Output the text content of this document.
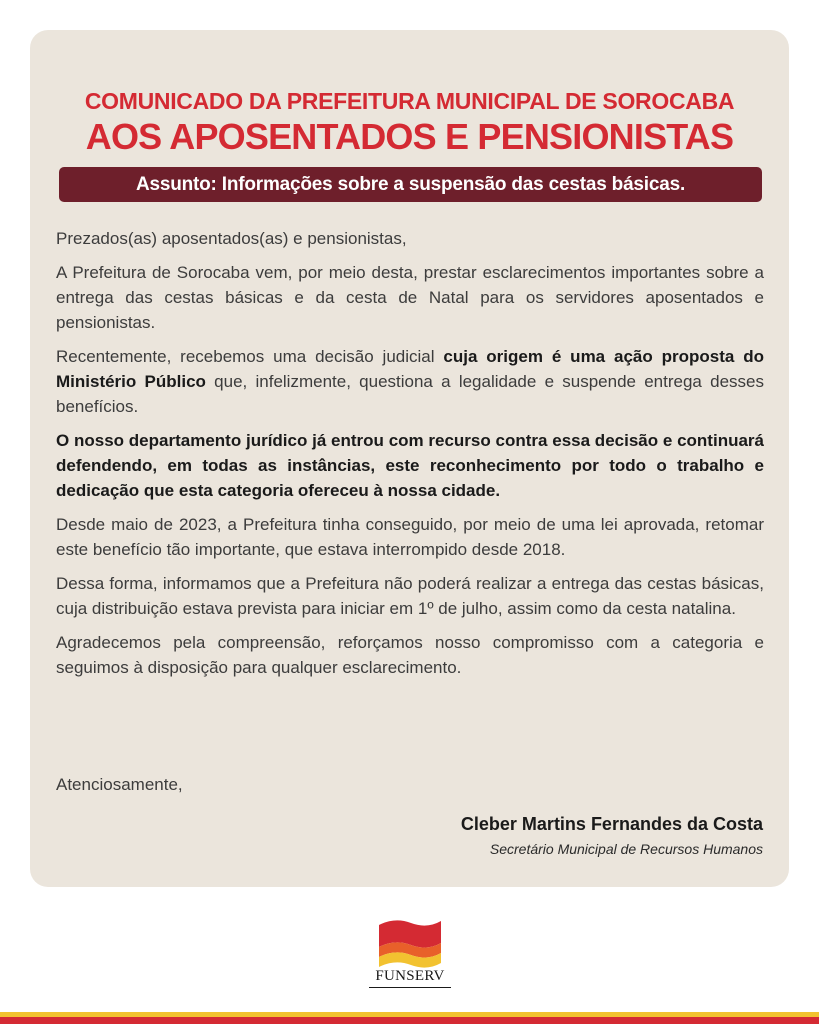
COMUNICADO DA PREFEITURA MUNICIPAL DE SOROCABA
AOS APOSENTADOS E PENSIONISTAS
Assunto: Informações sobre a suspensão das cestas básicas.

Prezados(as) aposentados(as) e pensionistas,

A Prefeitura de Sorocaba vem, por meio desta, prestar esclarecimentos importantes sobre a entrega das cestas básicas e da cesta de Natal para os servidores aposentados e pensionistas.

Recentemente, recebemos uma decisão judicial cuja origem é uma ação proposta do Ministério Público que, infelizmente, questiona a legalidade e suspende entrega desses benefícios.

O nosso departamento jurídico já entrou com recurso contra essa decisão e continuará defendendo, em todas as instâncias, este reconhecimento por todo o trabalho e dedicação que esta categoria ofereceu à nossa cidade.

Desde maio de 2023, a Prefeitura tinha conseguido, por meio de uma lei aprovada, retomar este benefício tão importante, que estava interrompido desde 2018.

Dessa forma, informamos que a Prefeitura não poderá realizar a entrega das cestas básicas, cuja distribuição estava prevista para iniciar em 1º de julho, assim como da cesta natalina.

Agradecemos pela compreensão, reforçamos nosso compromisso com a categoria e seguimos à disposição para qualquer esclarecimento.

Atenciosamente,
Cleber Martins Fernandes da Costa
Secretário Municipal de Recursos Humanos
FUNSERV
